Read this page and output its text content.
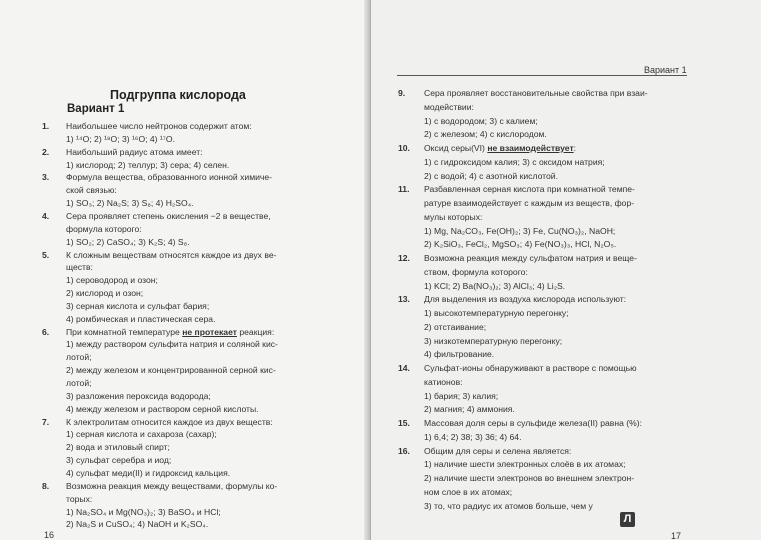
Подгруппа кислорода
Вариант 1
1. Наибольшее число нейтронов содержит атом:
1) ¹⁴O; 2) ¹⁸O; 3) ¹⁶O; 4) ¹⁷O.
2. Наибольший радиус атома имеет:
1) кислород; 2) теллур; 3) сера; 4) селен.
3. Формула вещества, образованного ионной химиче-
ской связью:
1) SO₃; 2) Na₂S; 3) S₈; 4) H₂SO₄.
4. Сера проявляет степень окисления −2 в веществе,
формула которого:
1) SO₂; 2) CaSO₄; 3) K₂S; 4) S₈.
5. К сложным веществам относятся каждое из двух ве-
ществ:
1) сероводород и озон;
2) кислород и озон;
3) серная кислота и сульфат бария;
4) ромбическая и пластическая сера.
6. При комнатной температуре не протекает реакция:
1) между раствором сульфита натрия и соляной кис-
лотой;
2) между железом и концентрированной серной кис-
лотой;
3) разложения пероксида водорода;
4) между железом и раствором серной кислоты.
7. К электролитам относится каждое из двух веществ:
1) серная кислота и сахароза (сахар);
2) вода и этиловый спирт;
3) сульфат серебра и иод;
4) сульфат меди(II) и гидроксид кальция.
8. Возможна реакция между веществами, формулы ко-
торых:
1) Na₂SO₄ и Mg(NO₃)₂; 3) BaSO₄ и HCl;
2) Na₂S и CuSO₄; 4) NaOH и K₂SO₄.
16
Вариант 1
9. Сера проявляет восстановительные свойства при взаи-
модействии:
1) с водородом; 3) с калием;
2) с железом; 4) с кислородом.
10. Оксид серы(VI) не взаимодействует:
1) с гидроксидом калия; 3) с оксидом натрия;
2) с водой; 4) с азотной кислотой.
11. Разбавленная серная кислота при комнатной темпе-
ратуре взаимодействует с каждым из веществ, фор-
мулы которых:
1) Mg, Na₂CO₃, Fe(OH)₂; 3) Fe, Cu(NO₃)₂, NaOH;
2) K₂SiO₃, FeCl₂, MgSO₃; 4) Fe(NO₃)₃, HCl, N₂O₅.
12. Возможна реакция между сульфатом натрия и веще-
ством, формула которого:
1) KCl; 2) Ba(NO₃)₂; 3) AlCl₃; 4) Li₂S.
13. Для выделения из воздуха кислорода используют:
1) высокотемпературную перегонку;
2) отстаивание;
3) низкотемпературную перегонку;
4) фильтрование.
14. Сульфат-ионы обнаруживают в растворе с помощью
катионов:
1) бария; 3) калия;
2) магния; 4) аммония.
15. Массовая доля серы в сульфиде железа(II) равна (%):
1) 6,4; 2) 38; 3) 36; 4) 64.
16. Общим для серы и селена является:
1) наличие шести электронных слоёв в их атомах;
2) наличие шести электронов во внешнем электрон-
ном слое в их атомах;
3) то, что радиус их атомов больше, чем у
17
Л
